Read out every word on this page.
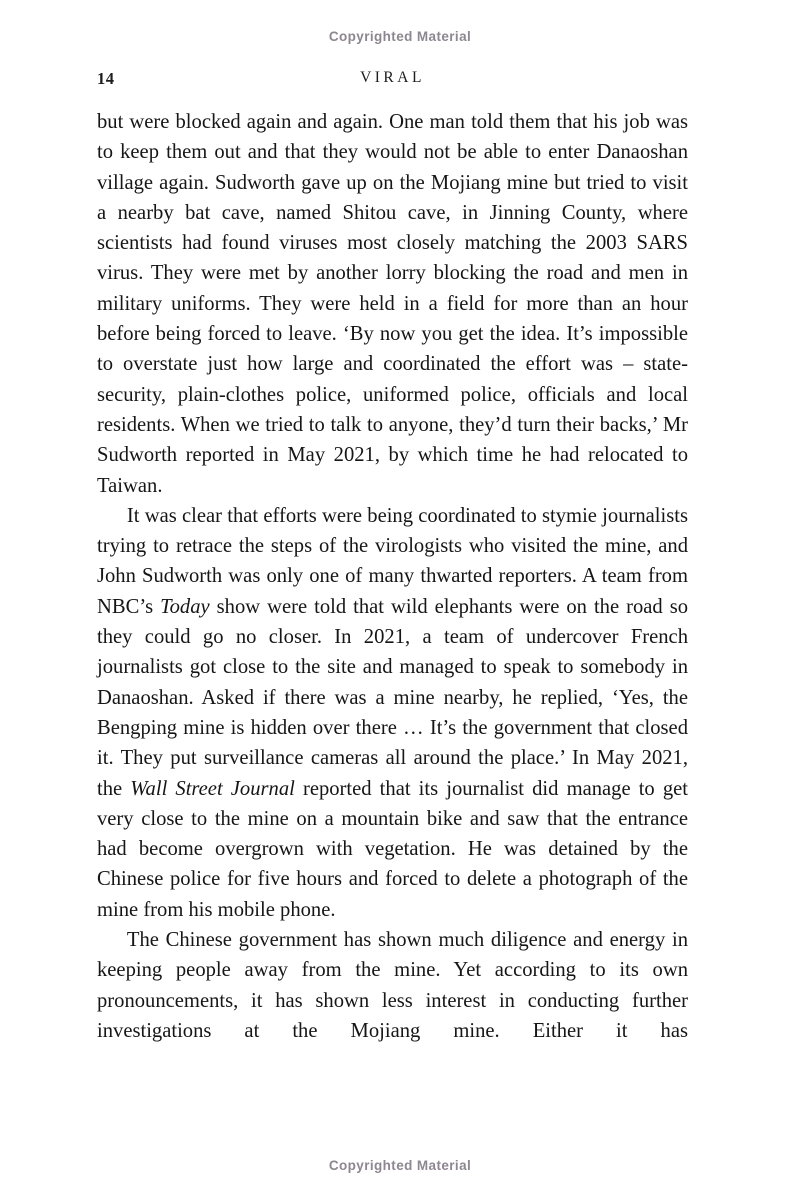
Copyrighted Material
14	VIRAL

but were blocked again and again. One man told them that his job was to keep them out and that they would not be able to enter Danaoshan village again. Sudworth gave up on the Mojiang mine but tried to visit a nearby bat cave, named Shitou cave, in Jinning County, where scientists had found viruses most closely matching the 2003 SARS virus. They were met by another lorry blocking the road and men in military uniforms. They were held in a field for more than an hour before being forced to leave. ‘By now you get the idea. It’s impossible to overstate just how large and coordinated the effort was – state-security, plain-clothes police, uniformed police, officials and local residents. When we tried to talk to anyone, they’d turn their backs,’ Mr Sudworth reported in May 2021, by which time he had relocated to Taiwan.

It was clear that efforts were being coordinated to stymie journalists trying to retrace the steps of the virologists who visited the mine, and John Sudworth was only one of many thwarted reporters. A team from NBC’s Today show were told that wild elephants were on the road so they could go no closer. In 2021, a team of undercover French journalists got close to the site and managed to speak to somebody in Danaoshan. Asked if there was a mine nearby, he replied, ‘Yes, the Bengping mine is hidden over there … It’s the government that closed it. They put surveillance cameras all around the place.’ In May 2021, the Wall Street Journal reported that its journalist did manage to get very close to the mine on a mountain bike and saw that the entrance had become overgrown with vegetation. He was detained by the Chinese police for five hours and forced to delete a photograph of the mine from his mobile phone.

The Chinese government has shown much diligence and energy in keeping people away from the mine. Yet according to its own pronouncements, it has shown less interest in conducting further investigations at the Mojiang mine. Either it has

Copyrighted Material
